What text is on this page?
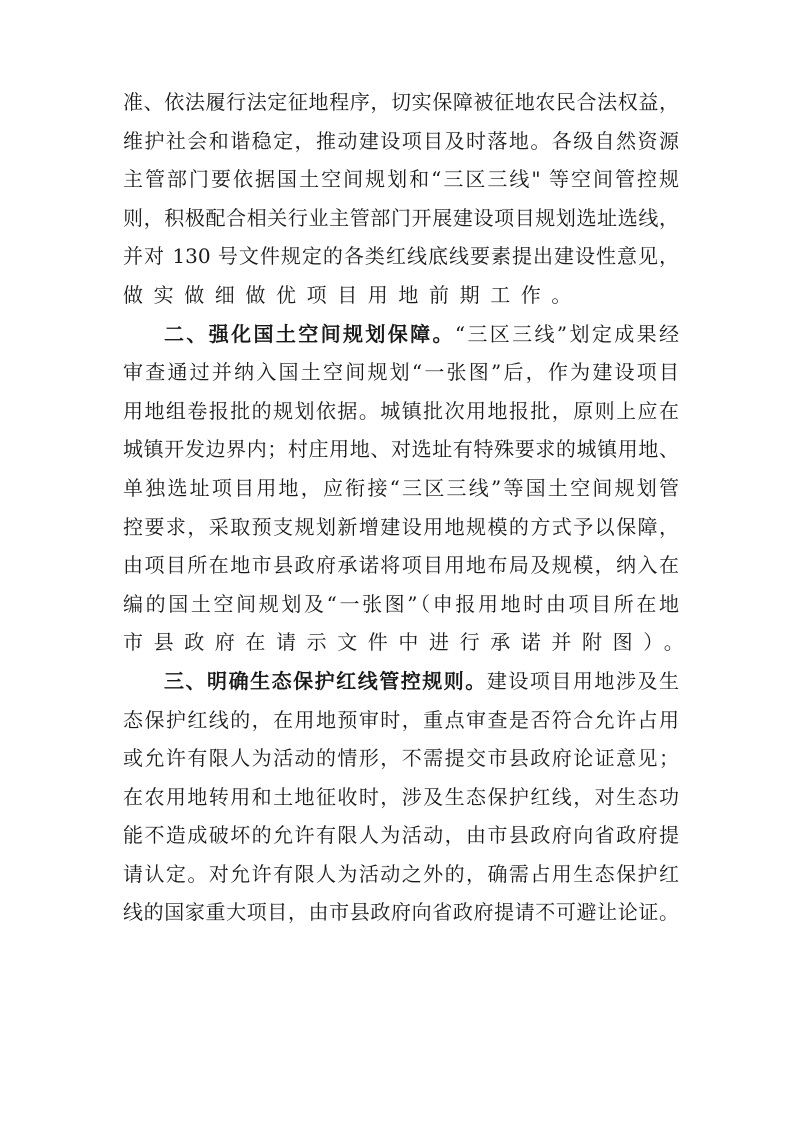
准、依法履行法定征地程序，切实保障被征地农民合法权益，
维护社会和谐稳定，推动建设项目及时落地。各级自然资源
主管部门要依据国土空间规划和“三区三线" 等空间管控规
则，积极配合相关行业主管部门开展建设项目规划选址选线，
并对 130 号文件规定的各类红线底线要素提出建设性意见，
做实做细做优项目用地前期工作。
二、强化国土空间规划保障。“三区三线”划定成果经
审查通过并纳入国土空间规划“一张图”后，作为建设项目
用地组卷报批的规划依据。城镇批次用地报批，原则上应在
城镇开发边界内；村庄用地、对选址有特殊要求的城镇用地、
单独选址项目用地，应衔接“三区三线”等国土空间规划管
控要求，采取预支规划新增建设用地规模的方式予以保障，
由项目所在地市县政府承诺将项目用地布局及规模，纳入在
编的国土空间规划及“一张图”（申报用地时由项目所在地
市县政府在请示文件中进行承诺并附图）。
三、明确生态保护红线管控规则。建设项目用地涉及生
态保护红线的，在用地预审时，重点审查是否符合允许占用
或允许有限人为活动的情形，不需提交市县政府论证意见；
在农用地转用和土地征收时，涉及生态保护红线，对生态功
能不造成破坏的允许有限人为活动，由市县政府向省政府提
请认定。对允许有限人为活动之外的，确需占用生态保护红
线的国家重大项目，由市县政府向省政府提请不可避让论证。
